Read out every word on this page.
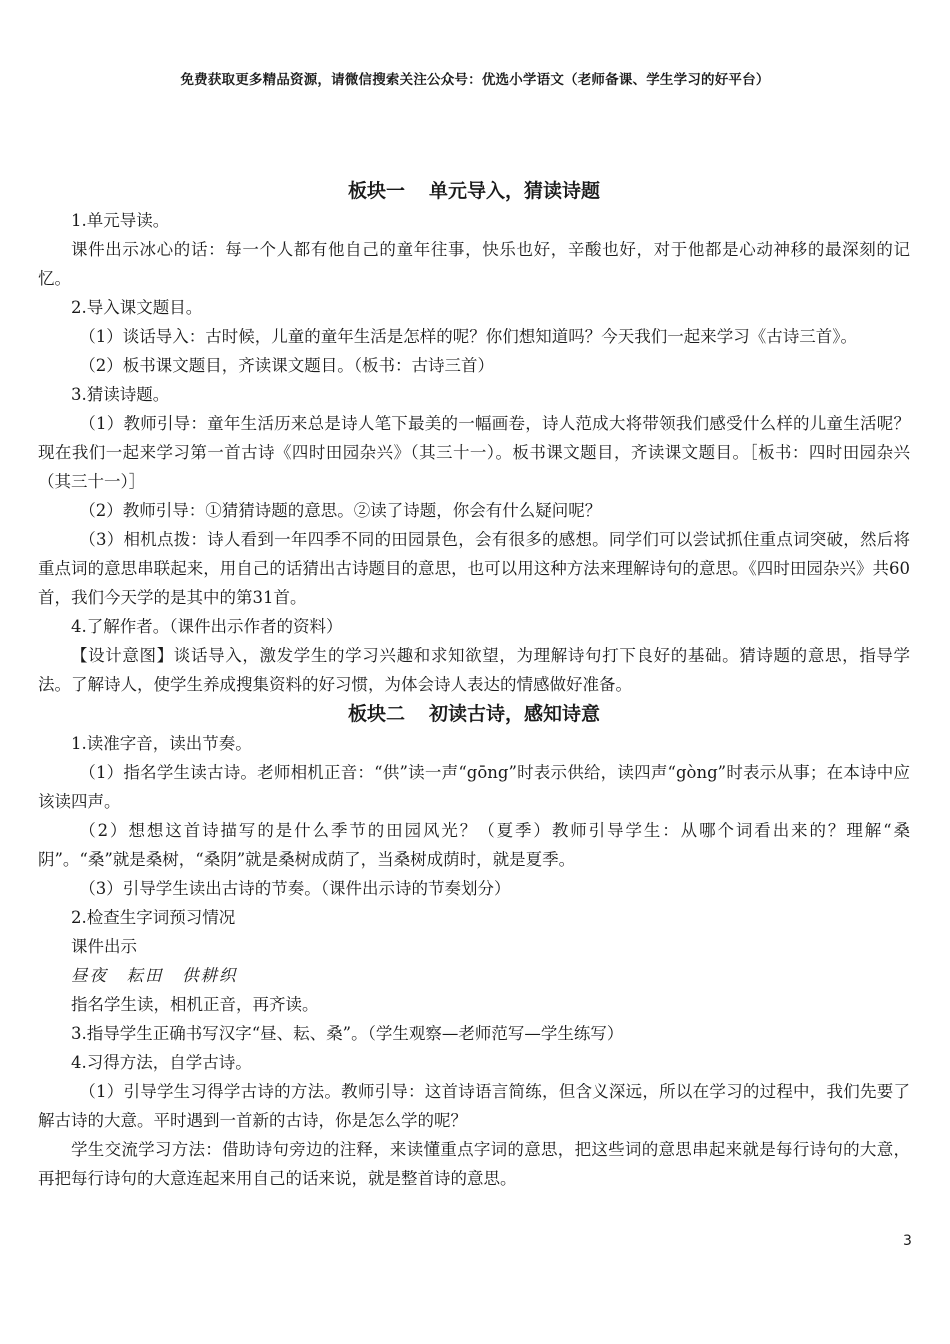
免费获取更多精品资源，请微信搜索关注公众号：优选小学语文（老师备课、学生学习的好平台）
板块一 单元导入，猜读诗题

1.单元导读。

课件出示冰心的话：每一个人都有他自己的童年往事，快乐也好，辛酸也好，对于他都是心动神移的最深刻的记忆。

2.导入课文题目。

（1）谈话导入：古时候，儿童的童年生活是怎样的呢？你们想知道吗？今天我们一起来学习《古诗三首》。

（2）板书课文题目，齐读课文题目。（板书：古诗三首）

3.猜读诗题。

（1）教师引导：童年生活历来总是诗人笔下最美的一幅画卷，诗人范成大将带领我们感受什么样的儿童生活呢？现在我们一起来学习第一首古诗《四时田园杂兴》（其三十一）。板书课文题目，齐读课文题目。［板书：四时田园杂兴（其三十一）］

（2）教师引导：①猜猜诗题的意思。②读了诗题，你会有什么疑问呢？

（3）相机点拨：诗人看到一年四季不同的田园景色，会有很多的感想。同学们可以尝试抓住重点词突破，然后将重点词的意思串联起来，用自己的话猜出古诗题目的意思，也可以用这种方法来理解诗句的意思。《四时田园杂兴》共60首，我们今天学的是其中的第31首。

4.了解作者。（课件出示作者的资料）

【设计意图】谈话导入，激发学生的学习兴趣和求知欲望，为理解诗句打下良好的基础。猜诗题的意思，指导学法。了解诗人，使学生养成搜集资料的好习惯，为体会诗人表达的情感做好准备。

板块二 初读古诗，感知诗意

1.读准字音，读出节奏。

（1）指名学生读古诗。老师相机正音：“供”读一声“gōng”时表示供给，读四声“gòng”时表示从事；在本诗中应该读四声。

（2）想想这首诗描写的是什么季节的田园风光？（夏季）教师引导学生：从哪个词看出来的？理解“桑阴”。“桑”就是桑树，“桑阴”就是桑树成荫了，当桑树成荫时，就是夏季。

（3）引导学生读出古诗的节奏。（课件出示诗的节奏划分）

2.检查生字词预习情况

课件出示

昼夜　耘田　供耕织

指名学生读，相机正音，再齐读。

3.指导学生正确书写汉字“昼、耘、桑”。（学生观察—老师范写—学生练写）

4.习得方法，自学古诗。

（1）引导学生习得学古诗的方法。教师引导：这首诗语言简练，但含义深远，所以在学习的过程中，我们先要了解古诗的大意。平时遇到一首新的古诗，你是怎么学的呢？

学生交流学习方法：借助诗句旁边的注释，来读懂重点字词的意思，把这些词的意思串起来就是每行诗句的大意，再把每行诗句的大意连起来用自己的话来说，就是整首诗的意思。

3
